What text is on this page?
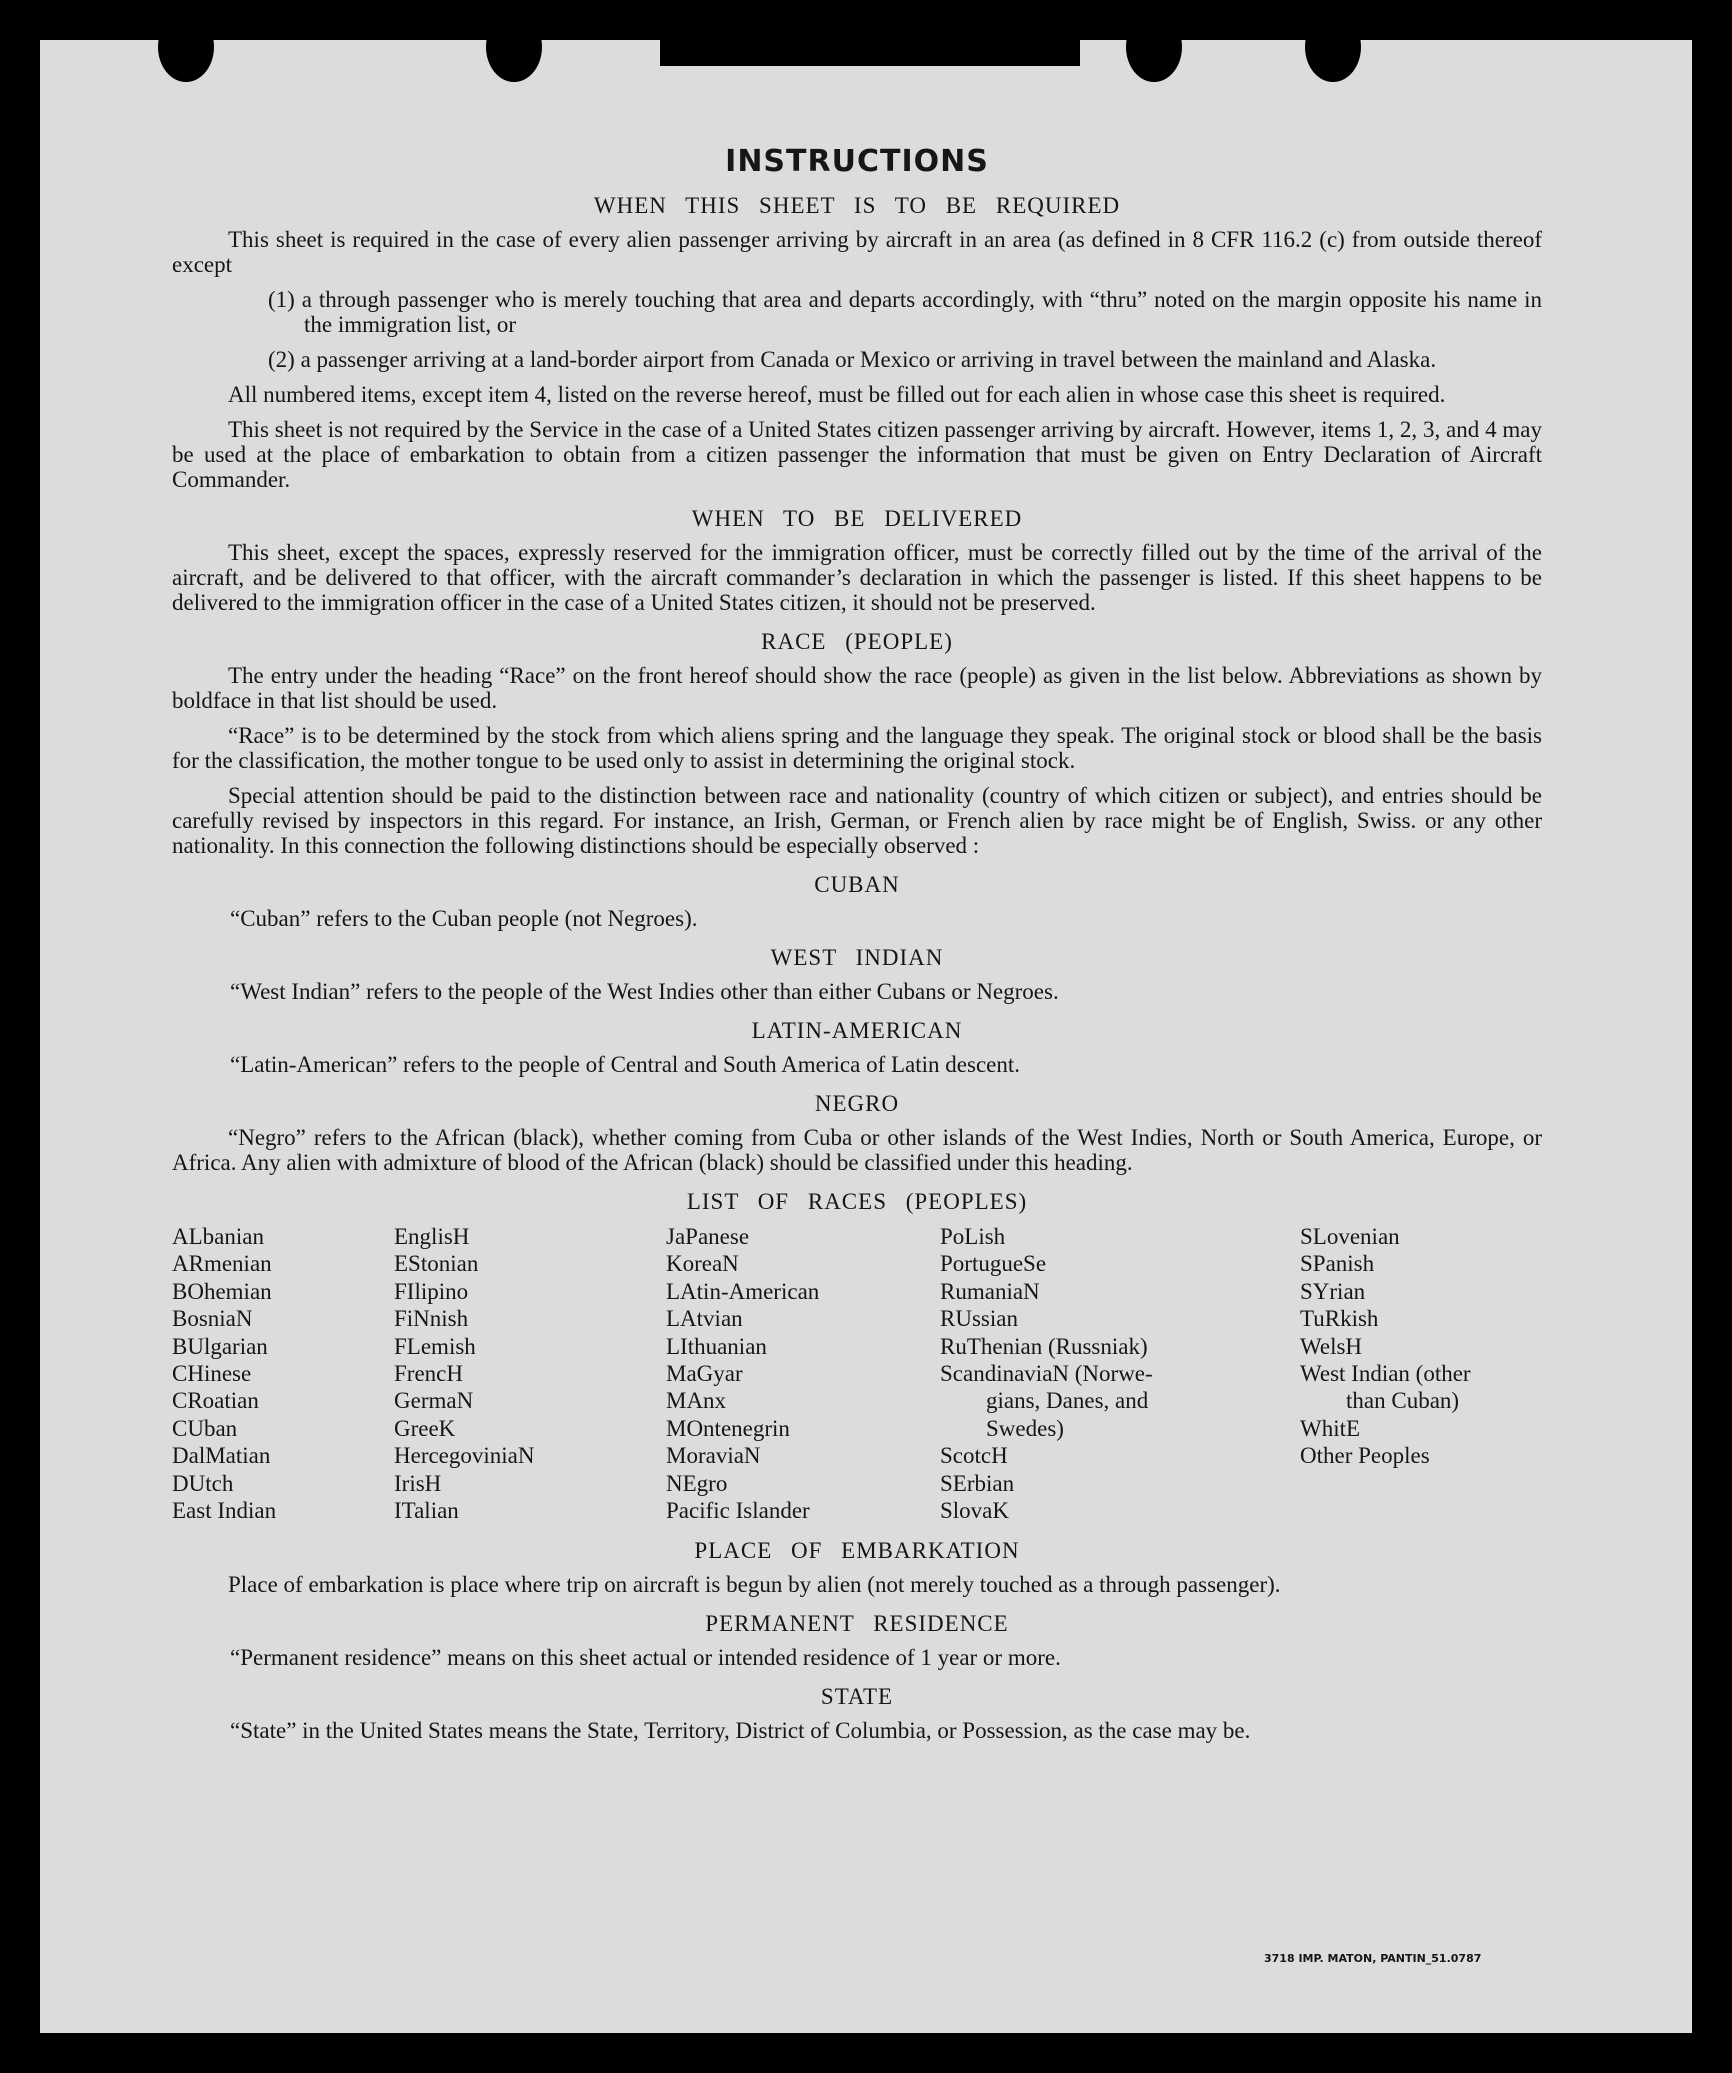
INSTRUCTIONS
WHEN THIS SHEET IS TO BE REQUIRED

This sheet is required in the case of every alien passenger arriving by aircraft in an area (as defined in 8 CFR 116.2 (c) from outside thereof except

(1) a through passenger who is merely touching that area and departs accordingly, with “thru” noted on the margin opposite his name in the immigration list, or

(2) a passenger arriving at a land-border airport from Canada or Mexico or arriving in travel between the mainland and Alaska.

All numbered items, except item 4, listed on the reverse hereof, must be filled out for each alien in whose case this sheet is required.

This sheet is not required by the Service in the case of a United States citizen passenger arriving by aircraft. However, items 1, 2, 3, and 4 may be used at the place of embarkation to obtain from a citizen passenger the information that must be given on Entry Declaration of Aircraft Commander.

WHEN TO BE DELIVERED

This sheet, except the spaces, expressly reserved for the immigration officer, must be correctly filled out by the time of the arrival of the aircraft, and be delivered to that officer, with the aircraft commander’s declaration in which the passenger is listed. If this sheet happens to be delivered to the immigration officer in the case of a United States citizen, it should not be preserved.

RACE (PEOPLE)

The entry under the heading “Race” on the front hereof should show the race (people) as given in the list below. Abbreviations as shown by boldface in that list should be used.

“Race” is to be determined by the stock from which aliens spring and the language they speak. The original stock or blood shall be the basis for the classification, the mother tongue to be used only to assist in determining the original stock.

Special attention should be paid to the distinction between race and nationality (country of which citizen or subject), and entries should be carefully revised by inspectors in this regard. For instance, an Irish, German, or French alien by race might be of English, Swiss. or any other nationality. In this connection the following distinctions should be especially observed :

CUBAN

“Cuban” refers to the Cuban people (not Negroes).

WEST INDIAN

“West Indian” refers to the people of the West Indies other than either Cubans or Negroes.

LATIN-AMERICAN

“Latin-American” refers to the people of Central and South America of Latin descent.

NEGRO

“Negro” refers to the African (black), whether coming from Cuba or other islands of the West Indies, North or South America, Europe, or Africa. Any alien with admixture of blood of the African (black) should be classified under this heading.

LIST OF RACES (PEOPLES)
ALbanian
ARmenian
BOhemian
BosniaN
BUlgarian
CHinese
CRoatian
CUban
DalMatian
DUtch
East Indian
EnglisH
EStonian
FIlipino
FiNnish
FLemish
FrencH
GermaN
GreeK
HercegoviniaN
IrisH
ITalian
JaPanese
KoreaN
LAtin-American
LAtvian
LIthuanian
MaGyar
MAnx
MOntenegrin
MoraviaN
NEgro
Pacific Islander
PoLish
PortugueSe
RumaniaN
RUssian
RuThenian (Russniak)
ScandinaviaN (Norwe-
gians, Danes, and
Swedes)
ScotcH
SErbian
SlovaK
SLovenian
SPanish
SYrian
TuRkish
WelsH
West Indian (other
than Cuban)
WhitE
Other Peoples
PLACE OF EMBARKATION

Place of embarkation is place where trip on aircraft is begun by alien (not merely touched as a through passenger).

PERMANENT RESIDENCE

“Permanent residence” means on this sheet actual or intended residence of 1 year or more.

STATE

“State” in the United States means the State, Territory, District of Columbia, or Possession, as the case may be.

3718 IMP. MATON, PANTIN_51.0787
